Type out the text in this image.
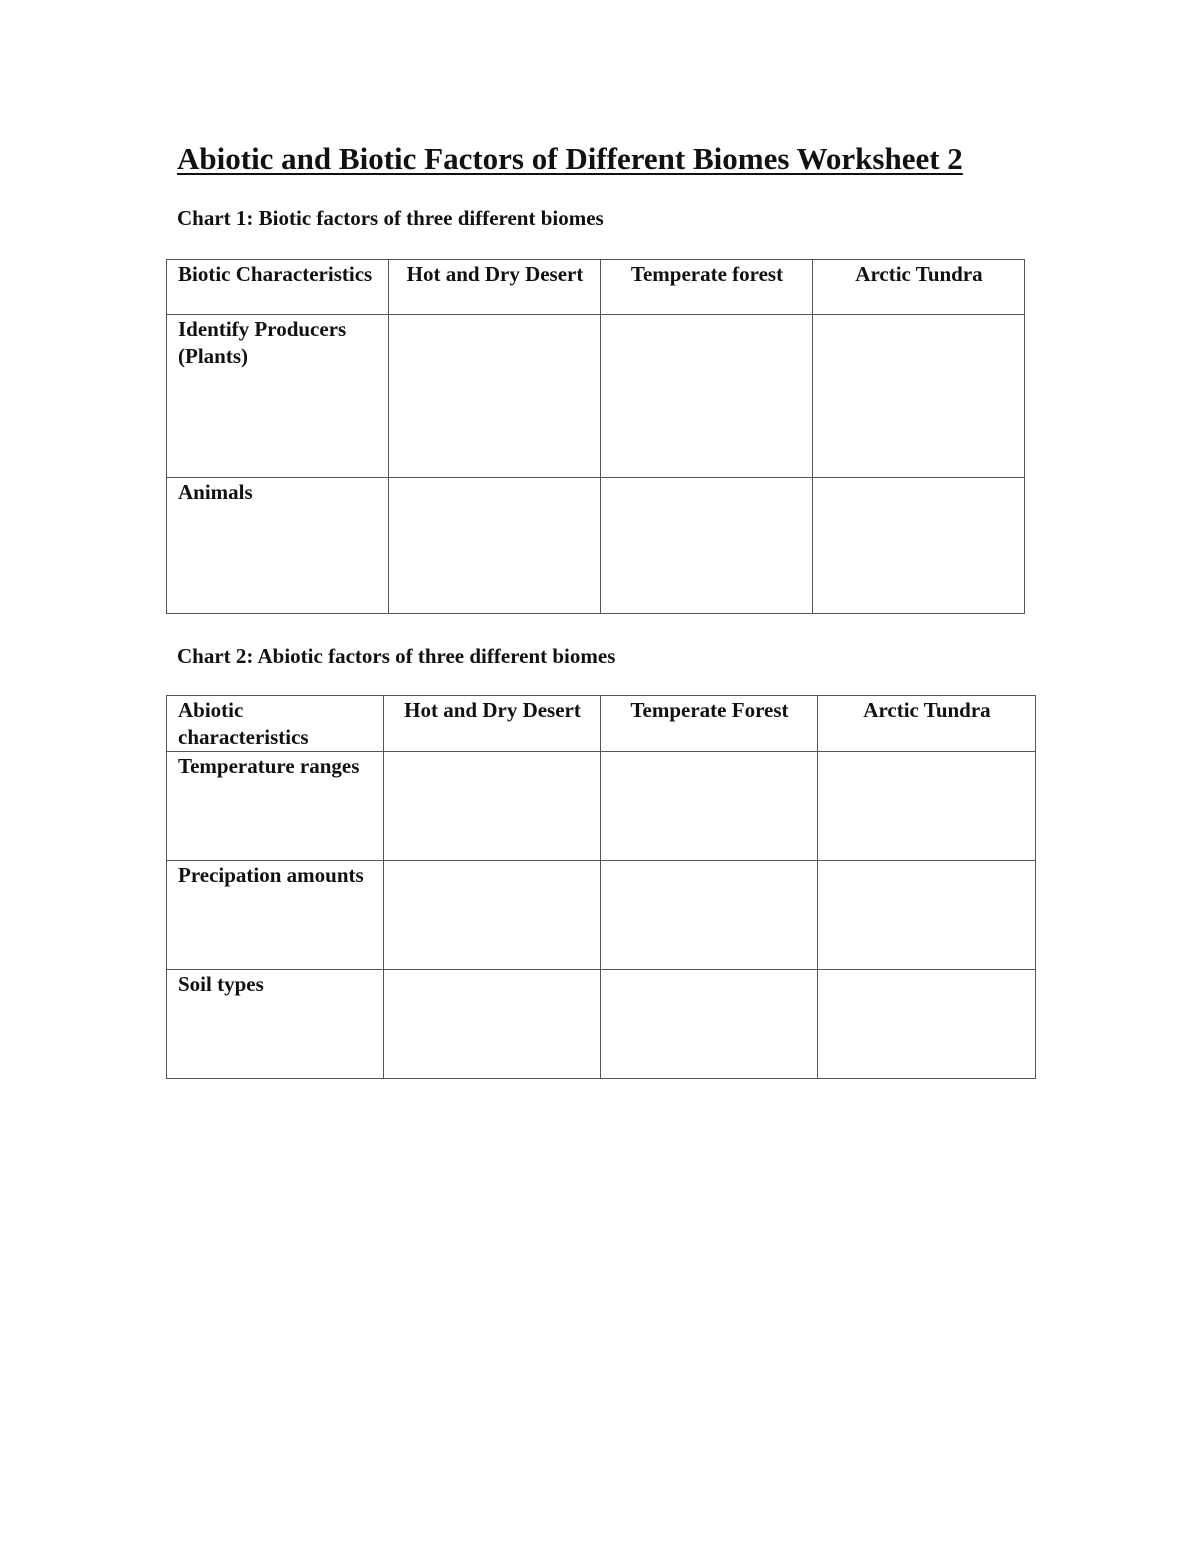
Abiotic and Biotic Factors of Different Biomes Worksheet 2

Chart 1: Biotic factors of three different biomes

Biotic Characteristics	Hot and Dry Desert	Temperate forest	Arctic Tundra
Identify Producers (Plants)			
Animals			

Chart 2: Abiotic factors of three different biomes

Abiotic characteristics	Hot and Dry Desert	Temperate Forest	Arctic Tundra
Temperature ranges			
Precipation amounts			
Soil types			
